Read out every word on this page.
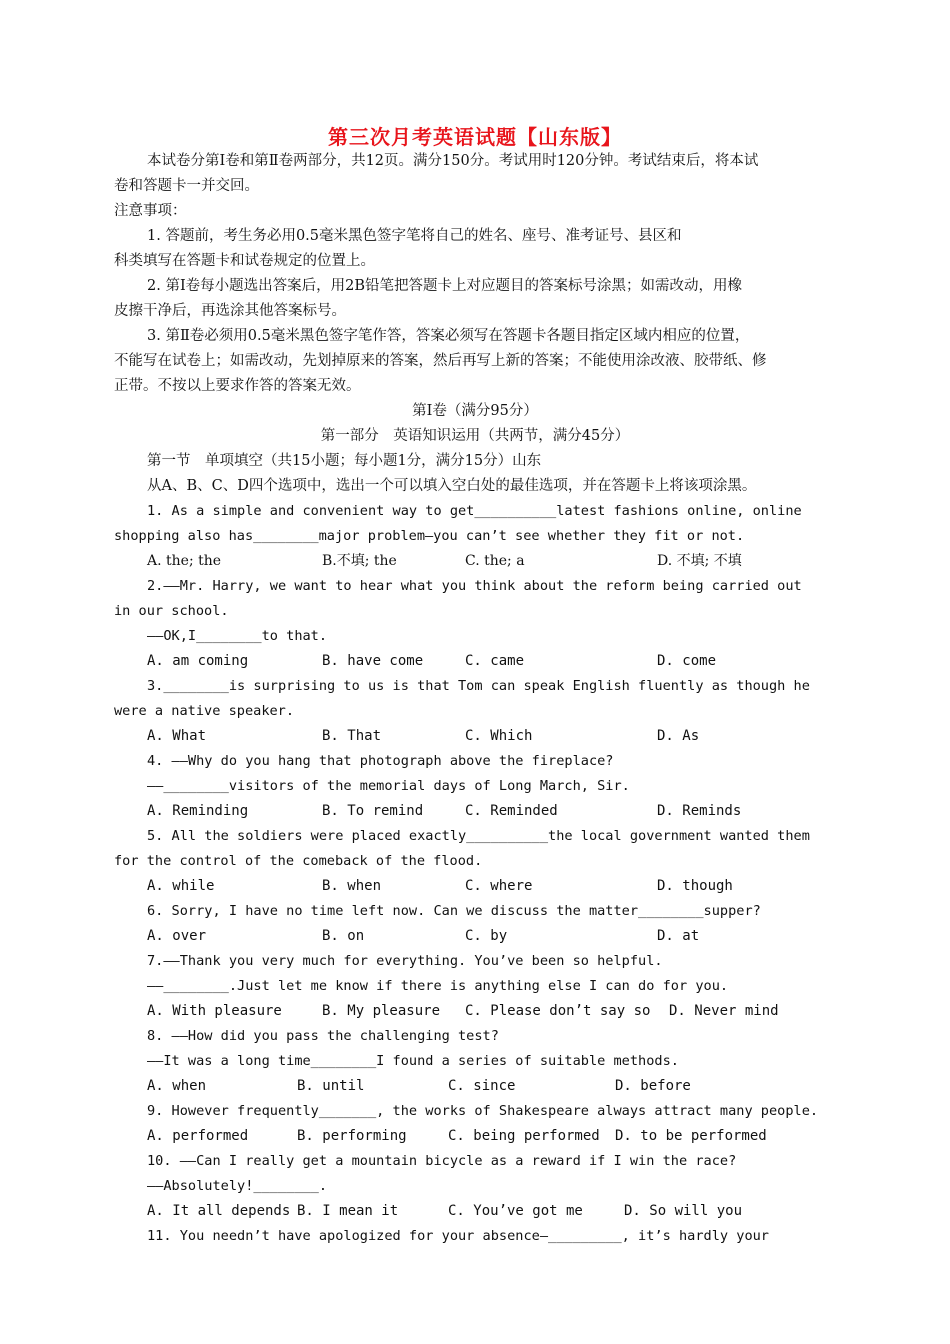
第三次月考英语试题【山东版】
本试卷分第Ⅰ卷和第Ⅱ卷两部分，共12页。满分150分。考试用时120分钟。考试结束后，将本试
卷和答题卡一并交回。
注意事项：
1. 答题前，考生务必用0.5毫米黑色签字笔将自己的姓名、座号、准考证号、县区和
科类填写在答题卡和试卷规定的位置上。
2. 第Ⅰ卷每小题选出答案后，用2B铅笔把答题卡上对应题目的答案标号涂黑；如需改动，用橡
皮擦干净后，再选涂其他答案标号。
3. 第Ⅱ卷必须用0.5毫米黑色签字笔作答，答案必须写在答题卡各题目指定区域内相应的位置，
不能写在试卷上；如需改动，先划掉原来的答案，然后再写上新的答案；不能使用涂改液、胶带纸、修
正带。不按以上要求作答的答案无效。
第Ⅰ卷（满分95分）
第一部分　英语知识运用（共两节，满分45分）
第一节　单项填空（共15小题；每小题1分，满分15分）山东
从A、B、C、D四个选项中，选出一个可以填入空白处的最佳选项，并在答题卡上将该项涂黑。
1. As a simple and convenient way to get__________latest fashions online, online
shopping also has________major problem—you can’t see whether they fit or not.
A. the; the	B.不填; the	C. the; a	D. 不填; 不填
2.——Mr. Harry, we want to hear what you think about the reform being carried out
in our school.
——OK,I________to that.
A. am coming	B. have come	C. came	D. come
3.________is surprising to us is that Tom can speak English fluently as though he
were a native speaker.
A. What	B. That	C. Which	D. As
4. ——Why do you hang that photograph above the fireplace?
——________visitors of the memorial days of Long March, Sir.
A. Reminding	B. To remind	C. Reminded	D. Reminds
5. All the soldiers were placed exactly__________the local government wanted them
for the control of the comeback of the flood.
A. while	B. when	C. where	D. though
6. Sorry, I have no time left now. Can we discuss the matter________supper?
A. over	B. on	C. by	D. at
7.——Thank you very much for everything. You’ve been so helpful.
——________.Just let me know if there is anything else I can do for you.
A. With pleasure	B. My pleasure C. Please don’t say so D. Never mind
8. ——How did you pass the challenging test?
——It was a long time________I found a series of suitable methods.
A. when	B. until	C. since	D. before
9. However frequently_______, the works of Shakespeare always attract many people.
A. performed	B. performing	C. being performed D. to be performed
10. ——Can I really get a mountain bicycle as a reward if I win the race?
——Absolutely!________.
A. It all depends B. I mean it	C. You’ve got me	D. So will you
11. You needn’t have apologized for your absence—_________, it’s hardly your
